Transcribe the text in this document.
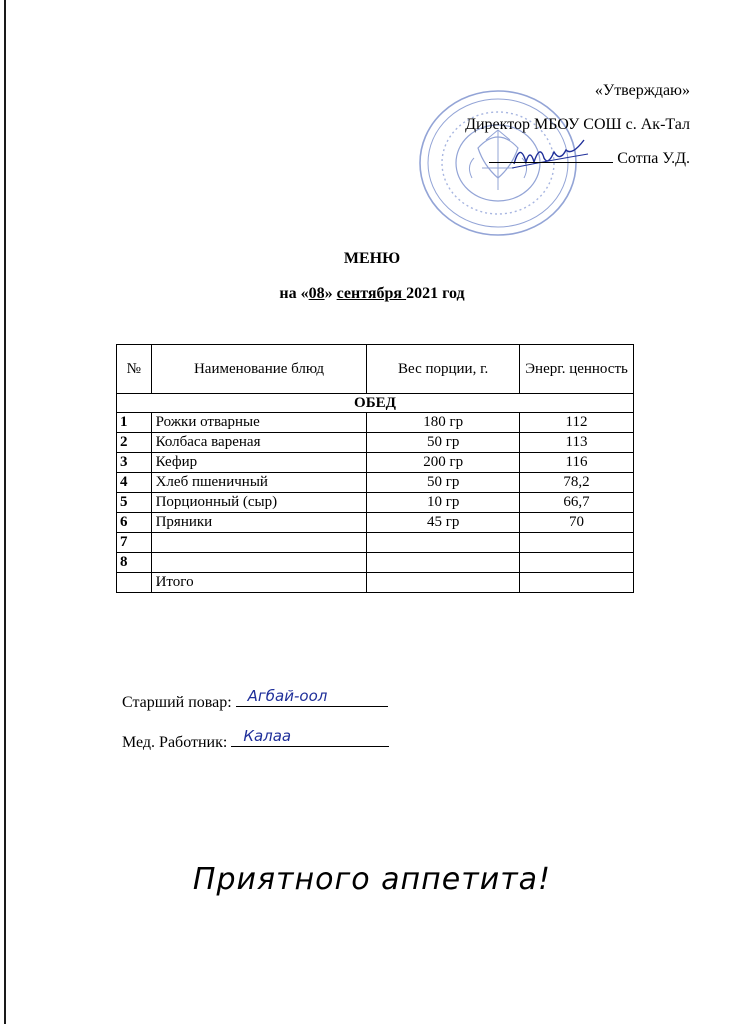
«Утверждаю»
Директор МБОУ СОШ с. Ак-Тал
Сотпа У.Д.
МЕНЮ
на «08» сентября 2021 год
№	Наименование блюд	Вес порции, г.	Энерг. ценность
ОБЕД			
1	Рожки отварные	180 гр	112
2	Колбаса вареная	50 гр	113
3	Кефир	200 гр	116
4	Хлеб пшеничный	50 гр	78,2
5	Порционный (сыр)	10 гр	66,7
6	Пряники	45 гр	70
7			
8			
	Итого		
Старший повар: Агбай-оол
Мед. Работник: Калаа
Приятного аппетита!
